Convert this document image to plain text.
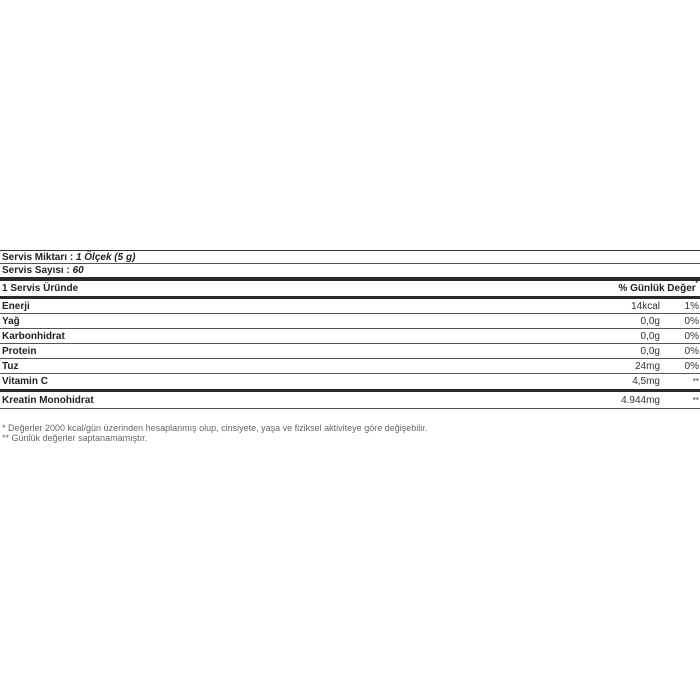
Servis Miktarı : 1 Ölçek (5 g)
Servis Sayısı : 60
1 Servis Üründe	% Günlük Değer*
Enerji	14kcal 1%
Yağ	0,0g 0%
Karbonhidrat	0,0g 0%
Protein	0,0g 0%
Tuz	24mg 0%
Vitamin C	4,5mg	**
Kreatin Monohidrat	4.944mg	**
* Değerler 2000 kcal/gün üzerinden hesaplanmış olup, cinsiyete, yaşa ve fiziksel aktiviteye göre değişebilir.
** Günlük değerler saptanamamıştır.
